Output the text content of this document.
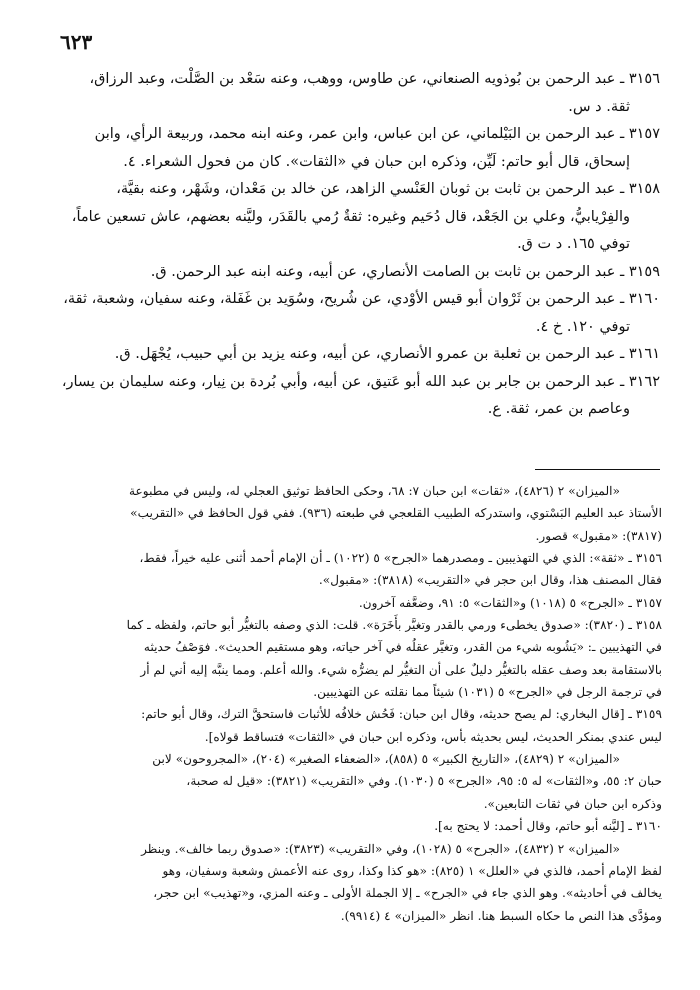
٦٢٣
٣١٥٦ ـ عبد الرحمن بن بُوذويه الصنعاني، عن طاوس، ووهب، وعنه سَعْد بن الصَّلْت، وعبد الرزاق،
ثقة. د س.
٣١٥٧ ـ عبد الرحمن بن البَيْلماني، عن ابن عباس، وابن عمر، وعنه ابنه محمد، وربيعة الرأي، وابن
إسحاق، قال أبو حاتم: لَيِّن، وذكره ابن حبان في «الثقات». كان من فحول الشعراء. ٤.
٣١٥٨ ـ عبد الرحمن بن ثابت بن ثوبان العَنْسي الزاهد، عن خالد بن مَعْدان، وشَهْر، وعنه بقيَّة،
والفِرْيابيُّ، وعلي بن الجَعْد، قال دُحَيم وغيره: ثقةٌ رُمي بالقَدَر، وليَّنه بعضهم، عاش تسعين عاماً،
توفي ١٦٥. د ت ق.
٣١٥٩ ـ عبد الرحمن بن ثابت بن الصامت الأنصاري، عن أبيه، وعنه ابنه عبد الرحمن. ق.
٣١٦٠ ـ عبد الرحمن بن ثَرْوان أبو قيس الأوْدي، عن شُريح، وسُوَيد بن غَفَلة، وعنه سفيان، وشعبة، ثقة،
توفي ١٢٠. خ ٤.
٣١٦١ ـ عبد الرحمن بن ثعلبة بن عمرو الأنصاري، عن أبيه، وعنه يزيد بن أبي حبيب، يُجْهَل. ق.
٣١٦٢ ـ عبد الرحمن بن جابر بن عبد الله أبو عَتيق، عن أبيه، وأبي بُردة بن نِيار، وعنه سليمان بن يسار،
وعاصم بن عمر، ثقة. ع.
«الميزان» ٢ (٤٨٢٦)، «ثقات» ابن حبان ٧: ٦٨، وحكى الحافظ توثيق العجلي له، وليس في مطبوعة
الأستاذ عبد العليم البَسْتوي، واستدركه الطبيب القلعجي في طبعته (٩٣٦). ففي قول الحافظ في «التقريب»
(٣٨١٧): «مقبول» قصور.
٣١٥٦ ـ «ثقة»: الذي في التهذيبين ـ ومصدرهما «الجرح» ٥ (١٠٢٢) ـ أن الإمام أحمد أثنى عليه خيراً، فقط،
فقال المصنف هذا، وقال ابن حجر في «التقريب» (٣٨١٨): «مقبول».
٣١٥٧ ـ «الجرح» ٥ (١٠١٨) و«الثقات» ٥: ٩١، وضعَّفه آخرون.
٣١٥٨ ـ (٣٨٢٠): «صدوق يخطىء ورمي بالقدر وتغيَّر بأَخَرَة». قلت: الذي وصفه بالتغيُّر أبو حاتم، ولفظه ـ كما
في التهذيبين ـ: «يَشُوبه شيء من القدر، وتغيَّر عقلُه في آخر حياته، وهو مستقيم الحديث». فوَصْفُ حديثه
بالاستقامة بعد وصف عقله بالتغيُّر دليلٌ على أن التغيُّر لم يضرُّه شيء. والله أعلم. ومما ينبَّه إليه أني لم أر
في ترجمة الرجل في «الجرح» ٥ (١٠٣١) شيئاً مما نقلته عن التهذيبين.
٣١٥٩ ـ [قال البخاري: لم يصح حديثه، وقال ابن حبان: فَحُش خلافُه للأثبات فاستحقَّ الترك، وقال أبو حاتم:
ليس عندي بمنكر الحديث، ليس بحديثه بأس، وذكره ابن حبان في «الثقات» فتساقط قولاه].
«الميزان» ٢ (٤٨٢٩)، «التاريخ الكبير» ٥ (٨٥٨)، «الضعفاء الصغير» (٢٠٤)، «المجروحون» لابن
حبان ٢: ٥٥، و«الثقات» له ٥: ٩٥، «الجرح» ٥ (١٠٣٠). وفي «التقريب» (٣٨٢١): «قيل له صحبة،
وذكره ابن حبان في ثقات التابعين».
٣١٦٠ ـ [ليَّنه أبو حاتم، وقال أحمد: لا يحتج به].
«الميزان» ٢ (٤٨٣٢)، «الجرح» ٥ (١٠٢٨)، وفي «التقريب» (٣٨٢٣): «صدوق ربما خالف». وينظر
لفظ الإمام أحمد، فالذي في «العلل» ١ (٨٢٥): «هو كذا وكذا، روى عنه الأعمش وشعبة وسفيان، وهو
يخالف في أحاديثه». وهو الذي جاء في «الجرح» ـ إلا الجملة الأولى ـ وعنه المزي، و«تهذيب» ابن حجر،
ومؤدَّى هذا النص ما حكاه السبط هنا. انظر «الميزان» ٤ (٩٩١٤).
